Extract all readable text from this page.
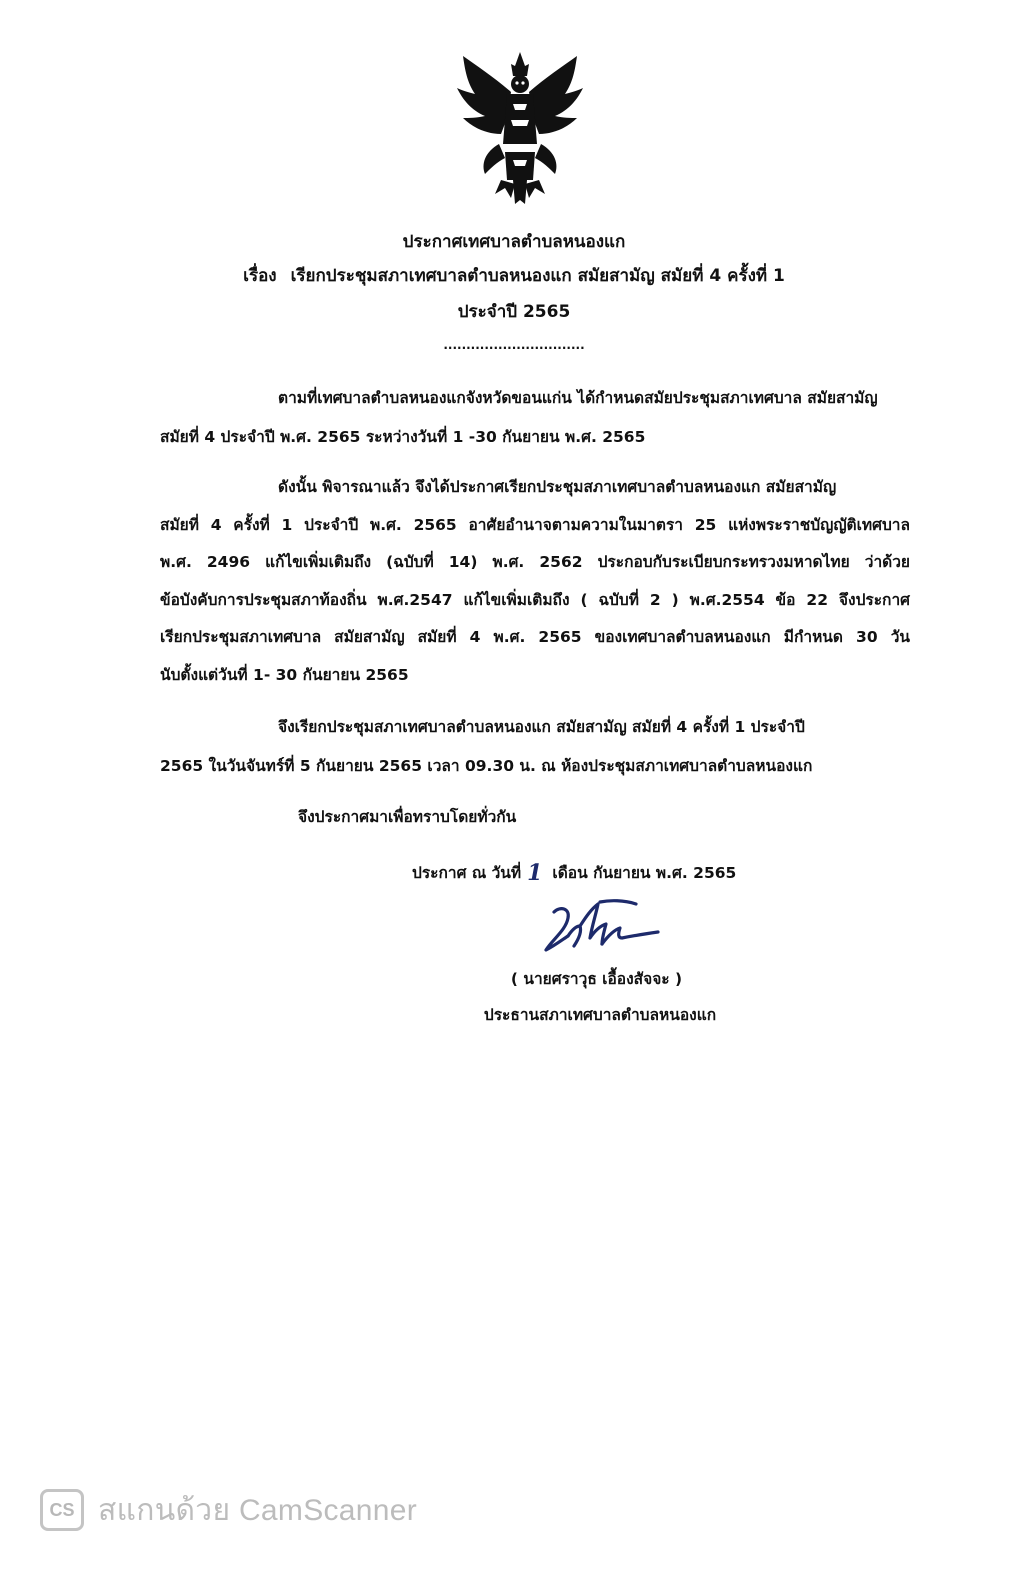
ประกาศเทศบาลตำบลหนองแก
เรื่อง เรียกประชุมสภาเทศบาลตำบลหนองแก สมัยสามัญ สมัยที่ 4 ครั้งที่ 1
ประจำปี 2565
...............................
ตามที่เทศบาลตำบลหนองแกจังหวัดขอนแก่น ได้กำหนดสมัยประชุมสภาเทศบาล สมัยสามัญ
สมัยที่ 4 ประจำปี พ.ศ. 2565 ระหว่างวันที่ 1 -30 กันยายน พ.ศ. 2565
ดังนั้น พิจารณาแล้ว จึงได้ประกาศเรียกประชุมสภาเทศบาลตำบลหนองแก สมัยสามัญ
สมัยที่ 4 ครั้งที่ 1 ประจำปี พ.ศ. 2565 อาศัยอำนาจตามความในมาตรา 25 แห่งพระราชบัญญัติเทศบาล
พ.ศ. 2496 แก้ไขเพิ่มเติมถึง (ฉบับที่ 14) พ.ศ. 2562 ประกอบกับระเบียบกระทรวงมหาดไทย ว่าด้วย
ข้อบังคับการประชุมสภาท้องถิ่น พ.ศ.2547 แก้ไขเพิ่มเติมถึง ( ฉบับที่ 2 ) พ.ศ.2554 ข้อ 22 จึงประกาศ
เรียกประชุมสภาเทศบาล สมัยสามัญ สมัยที่ 4 พ.ศ. 2565 ของเทศบาลตำบลหนองแก มีกำหนด 30 วัน
นับตั้งแต่วันที่ 1- 30 กันยายน 2565
จึงเรียกประชุมสภาเทศบาลตำบลหนองแก สมัยสามัญ สมัยที่ 4 ครั้งที่ 1 ประจำปี
2565 ในวันจันทร์ที่ 5 กันยายน 2565 เวลา 09.30 น. ณ ห้องประชุมสภาเทศบาลตำบลหนองแก
จึงประกาศมาเพื่อทราบโดยทั่วกัน
ประกาศ ณ วันที่ 1 เดือน กันยายน พ.ศ. 2565
( นายศราวุธ เอื้องสัจจะ )
ประธานสภาเทศบาลตำบลหนองแก
CS สแกนด้วย CamScanner
